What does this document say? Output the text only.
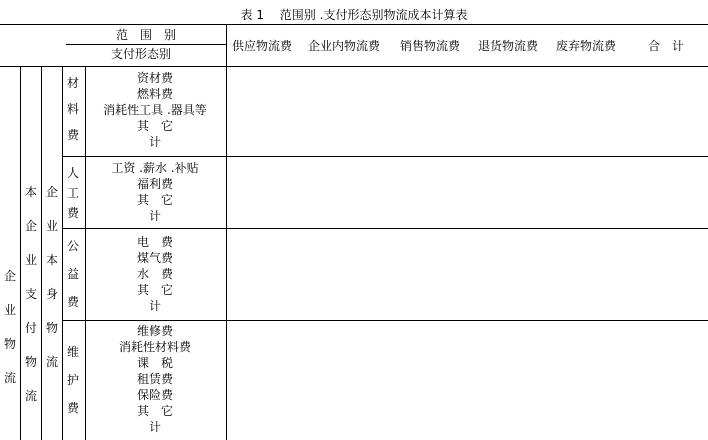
表 1　 范围别 .支付形态别物流成本计算表
范　围　别
支付形态别
供应物流费 企业内物流费 销售物流费 退货物流费 废弃物流费	合　计
企
业
物
流
本
企
业
支
付
物
流
企
业
本
身
物
流
材
料
费
人
工
费
公
益
费
维
护
费
资材费
燃料费
消耗性工具 .器具等
其　它
计
工资 .薪水 .补贴
福利费
其　它
计
电　费
煤气费
水　费
其　它
计
维修费
消耗性材料费
课　税
租赁费
保险费
其　它
计
